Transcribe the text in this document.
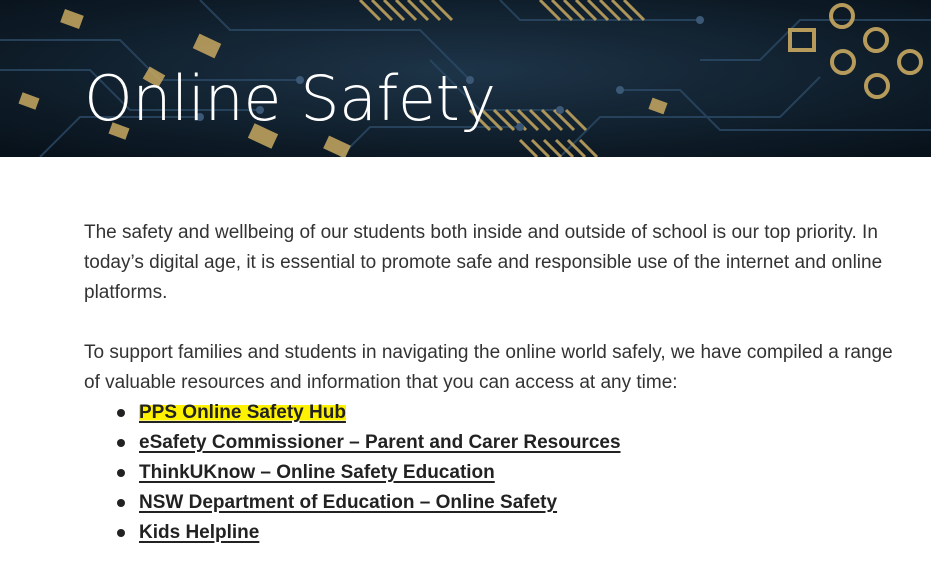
Online Safety

The safety and wellbeing of our students both inside and outside of school is our top priority. In today’s digital age, it is essential to promote safe and responsible use of the internet and online platforms.

To support families and students in navigating the online world safely, we have compiled a range of valuable resources and information that you can access at any time:

PPS Online Safety Hub
eSafety Commissioner – Parent and Carer Resources
ThinkUKnow – Online Safety Education
NSW Department of Education – Online Safety
Kids Helpline
